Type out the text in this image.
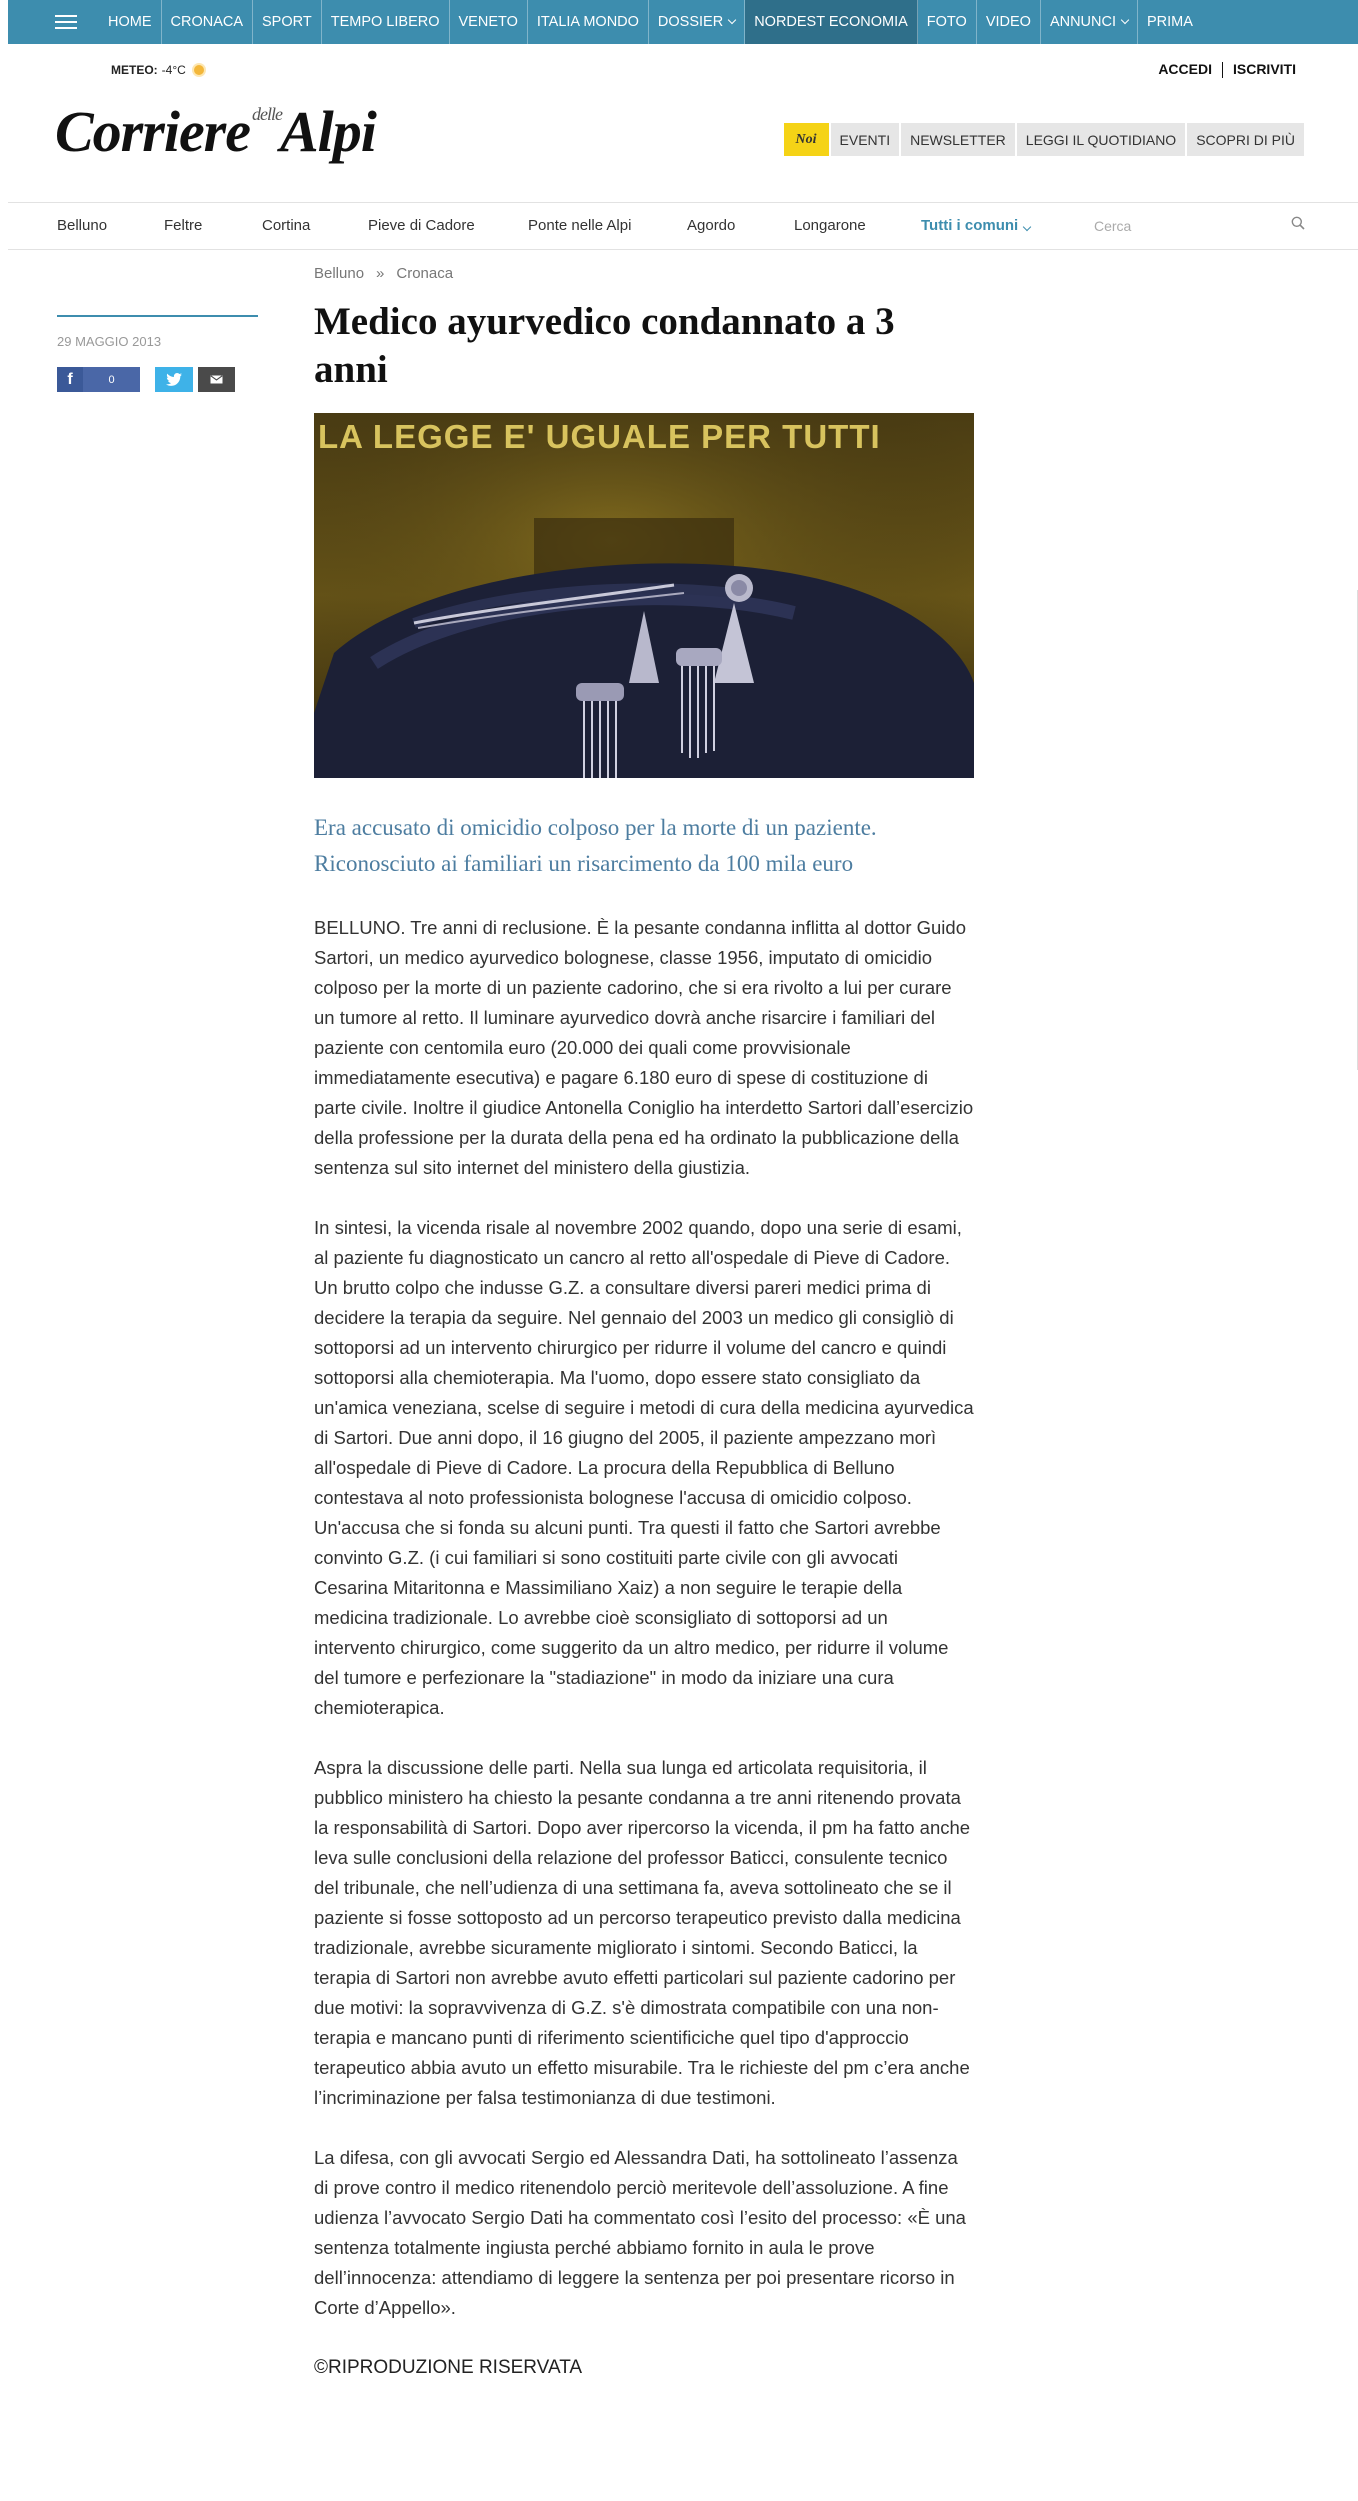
HOME	CRONACA	SPORT	TEMPO LIBERO	VENETO	ITALIA MONDO	DOSSIER	NORDEST ECONOMIA	FOTO	VIDEO	ANNUNCI	PRIMA
METEO: -4°C	ACCEDI	ISCRIVITI
Corriere $^{delle}$Alpi	Noi	EVENTI	NEWSLETTER	LEGGI IL QUOTIDIANO	SCOPRI DI PIÙ
Belluno	Feltre	Cortina	Pieve di Cadore	Ponte nelle Alpi	Agordo	Longarone	Tutti i comuni
Cerca
29 MAGGIO 2013
f	0
Belluno » Cronaca
Medico ayurvedico condannato a 3 anni
LA LEGGE E' UGUALE PER TUTTI

Era accusato di omicidio colposo per la morte di un paziente. Riconosciuto ai familiari un risarcimento da 100 mila euro

BELLUNO. Tre anni di reclusione. È la pesante condanna inflitta al dottor Guido Sartori, un medico ayurvedico bolognese, classe 1956, imputato di omicidio colposo per la morte di un paziente cadorino, che si era rivolto a lui per curare un tumore al retto. Il luminare ayurvedico dovrà anche risarcire i familiari del paziente con centomila euro (20.000 dei quali come provvisionale immediatamente esecutiva) e pagare 6.180 euro di spese di costituzione di parte civile. Inoltre il giudice Antonella Coniglio ha interdetto Sartori dall’esercizio della professione per la durata della pena ed ha ordinato la pubblicazione della sentenza sul sito internet del ministero della giustizia.

In sintesi, la vicenda risale al novembre 2002 quando, dopo una serie di esami, al paziente fu diagnosticato un cancro al retto all'ospedale di Pieve di Cadore. Un brutto colpo che indusse G.Z. a consultare diversi pareri medici prima di decidere la terapia da seguire. Nel gennaio del 2003 un medico gli consigliò di sottoporsi ad un intervento chirurgico per ridurre il volume del cancro e quindi sottoporsi alla chemioterapia. Ma l'uomo, dopo essere stato consigliato da un'amica veneziana, scelse di seguire i metodi di cura della medicina ayurvedica di Sartori. Due anni dopo, il 16 giugno del 2005, il paziente ampezzano morì all'ospedale di Pieve di Cadore. La procura della Repubblica di Belluno contestava al noto professionista bolognese l'accusa di omicidio colposo. Un'accusa che si fonda su alcuni punti. Tra questi il fatto che Sartori avrebbe convinto G.Z. (i cui familiari si sono costituiti parte civile con gli avvocati Cesarina Mitaritonna e Massimiliano Xaiz) a non seguire le terapie della medicina tradizionale. Lo avrebbe cioè sconsigliato di sottoporsi ad un intervento chirurgico, come suggerito da un altro medico, per ridurre il volume del tumore e perfezionare la "stadiazione" in modo da iniziare una cura chemioterapica.

Aspra la discussione delle parti. Nella sua lunga ed articolata requisitoria, il pubblico ministero ha chiesto la pesante condanna a tre anni ritenendo provata la responsabilità di Sartori. Dopo aver ripercorso la vicenda, il pm ha fatto anche leva sulle conclusioni della relazione del professor Baticci, consulente tecnico del tribunale, che nell’udienza di una settimana fa, aveva sottolineato che se il paziente si fosse sottoposto ad un percorso terapeutico previsto dalla medicina tradizionale, avrebbe sicuramente migliorato i sintomi. Secondo Baticci, la terapia di Sartori non avrebbe avuto effetti particolari sul paziente cadorino per due motivi: la sopravvivenza di G.Z. s'è dimostrata compatibile con una non-terapia e mancano punti di riferimento scientificiche quel tipo d'approccio terapeutico abbia avuto un effetto misurabile. Tra le richieste del pm c’era anche l’incriminazione per falsa testimonianza di due testimoni.

La difesa, con gli avvocati Sergio ed Alessandra Dati, ha sottolineato l’assenza di prove contro il medico ritenendolo perciò meritevole dell’assoluzione. A fine udienza l’avvocato Sergio Dati ha commentato così l’esito del processo: «È una sentenza totalmente ingiusta perché abbiamo fornito in aula le prove dell’innocenza: attendiamo di leggere la sentenza per poi presentare ricorso in Corte d’Appello».

©RIPRODUZIONE RISERVATA
